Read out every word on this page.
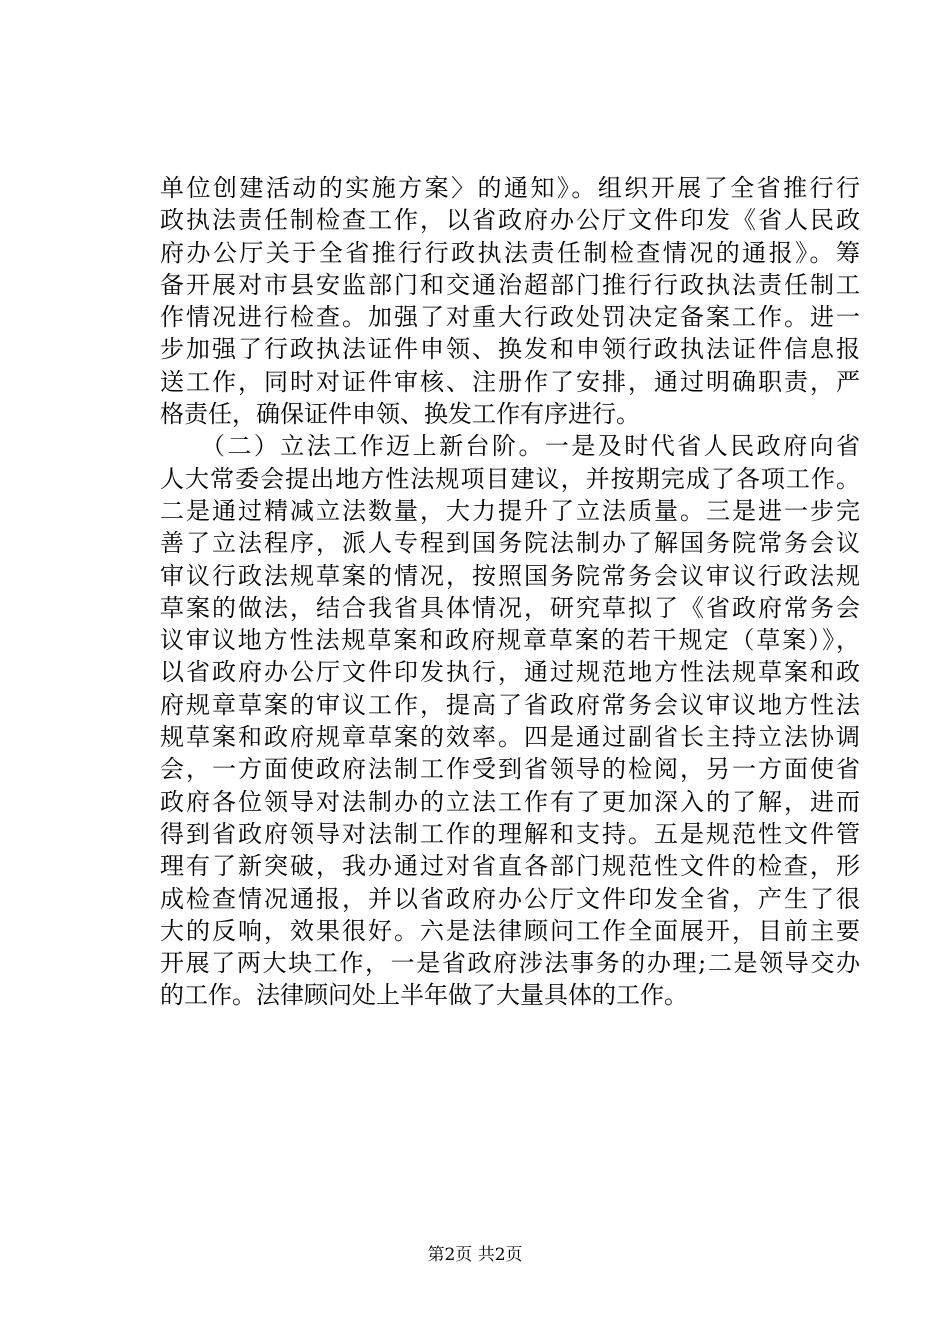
单位创建活动的实施方案〉的通知》。组织开展了全省推行行
政执法责任制检查工作，以省政府办公厅文件印发《省人民政
府办公厅关于全省推行行政执法责任制检查情况的通报》。筹
备开展对市县安监部门和交通治超部门推行行政执法责任制工
作情况进行检查。加强了对重大行政处罚决定备案工作。进一
步加强了行政执法证件申领、换发和申领行政执法证件信息报
送工作，同时对证件审核、注册作了安排，通过明确职责，严
格责任，确保证件申领、换发工作有序进行。
　　（二）立法工作迈上新台阶。一是及时代省人民政府向省
人大常委会提出地方性法规项目建议，并按期完成了各项工作。
二是通过精减立法数量，大力提升了立法质量。三是进一步完
善了立法程序，派人专程到国务院法制办了解国务院常务会议
审议行政法规草案的情况，按照国务院常务会议审议行政法规
草案的做法，结合我省具体情况，研究草拟了《省政府常务会
议审议地方性法规草案和政府规章草案的若干规定（草案）》，
以省政府办公厅文件印发执行，通过规范地方性法规草案和政
府规章草案的审议工作，提高了省政府常务会议审议地方性法
规草案和政府规章草案的效率。四是通过副省长主持立法协调
会，一方面使政府法制工作受到省领导的检阅，另一方面使省
政府各位领导对法制办的立法工作有了更加深入的了解，进而
得到省政府领导对法制工作的理解和支持。五是规范性文件管
理有了新突破，我办通过对省直各部门规范性文件的检查，形
成检查情况通报，并以省政府办公厅文件印发全省，产生了很
大的反响，效果很好。六是法律顾问工作全面展开，目前主要
开展了两大块工作，一是省政府涉法事务的办理;二是领导交办
的工作。法律顾问处上半年做了大量具体的工作。
第2页 共2页
